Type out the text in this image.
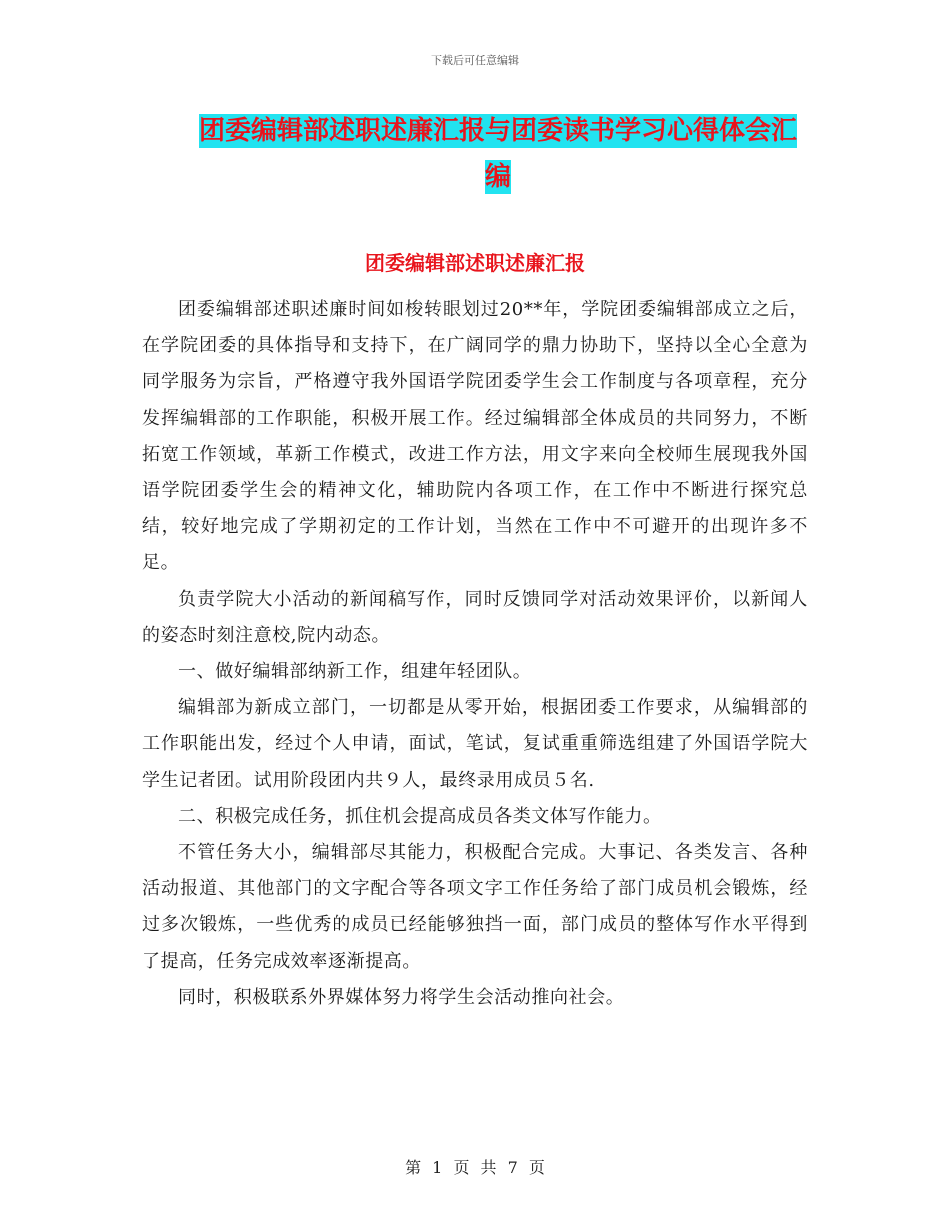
下载后可任意编辑
团委编辑部述职述廉汇报与团委读书学习心得体会汇编
团委编辑部述职述廉汇报

团委编辑部述职述廉时间如梭转眼划过20**年，学院团委编辑部成立之后，在学院团委的具体指导和支持下，在广阔同学的鼎力协助下，坚持以全心全意为同学服务为宗旨，严格遵守我外国语学院团委学生会工作制度与各项章程，充分发挥编辑部的工作职能，积极开展工作。经过编辑部全体成员的共同努力，不断拓宽工作领域，革新工作模式，改进工作方法，用文字来向全校师生展现我外国语学院团委学生会的精神文化，辅助院内各项工作，在工作中不断进行探究总结，较好地完成了学期初定的工作计划，当然在工作中不可避开的出现许多不足。

负责学院大小活动的新闻稿写作，同时反馈同学对活动效果评价，以新闻人的姿态时刻注意校,院内动态。

一、做好编辑部纳新工作，组建年轻团队。

编辑部为新成立部门，一切都是从零开始，根据团委工作要求，从编辑部的工作职能出发，经过个人申请，面试，笔试，复试重重筛选组建了外国语学院大学生记者团。试用阶段团内共９人，最终录用成员５名.

二、积极完成任务，抓住机会提高成员各类文体写作能力。

不管任务大小，编辑部尽其能力，积极配合完成。大事记、各类发言、各种活动报道、其他部门的文字配合等各项文字工作任务给了部门成员机会锻炼，经过多次锻炼，一些优秀的成员已经能够独挡一面，部门成员的整体写作水平得到了提高，任务完成效率逐渐提高。

同时，积极联系外界媒体努力将学生会活动推向社会。

第 1 页 共 7 页
